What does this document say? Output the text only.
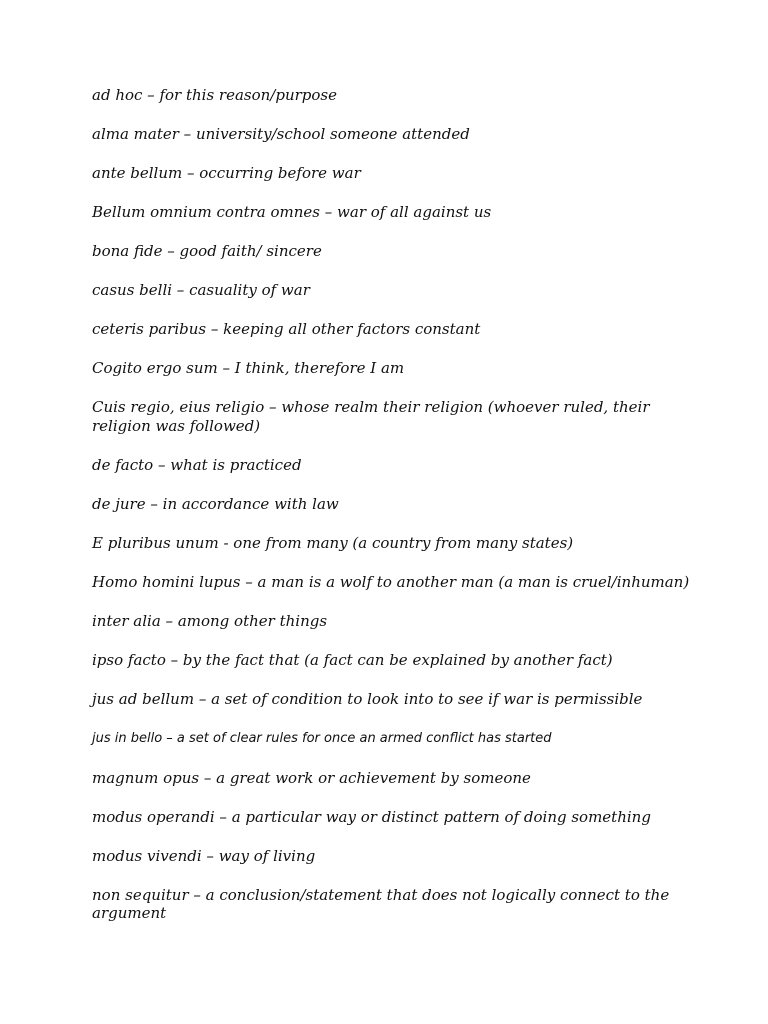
ad hoc – for this reason/purpose
alma mater – university/school someone attended
ante bellum – occurring before war
Bellum omnium contra omnes – war of all against us
bona fide – good faith/ sincere
casus belli – casuality of war
ceteris paribus – keeping all other factors constant
Cogito ergo sum – I think, therefore I am
Cuis regio, eius religio – whose realm their religion (whoever ruled, their religion was followed)
de facto – what is practiced
de jure – in accordance with law
E pluribus unum - one from many (a country from many states)
Homo homini lupus – a man is a wolf to another man (a man is cruel/inhuman)
inter alia – among other things
ipso facto – by the fact that (a fact can be explained by another fact)
jus ad bellum – a set of condition to look into to see if war is permissible
jus in bello – a set of clear rules for once an armed conflict has started
magnum opus – a great work or achievement by someone
modus operandi – a particular way or distinct pattern of doing something
modus vivendi – way of living
non sequitur – a conclusion/statement that does not logically connect to the argument
